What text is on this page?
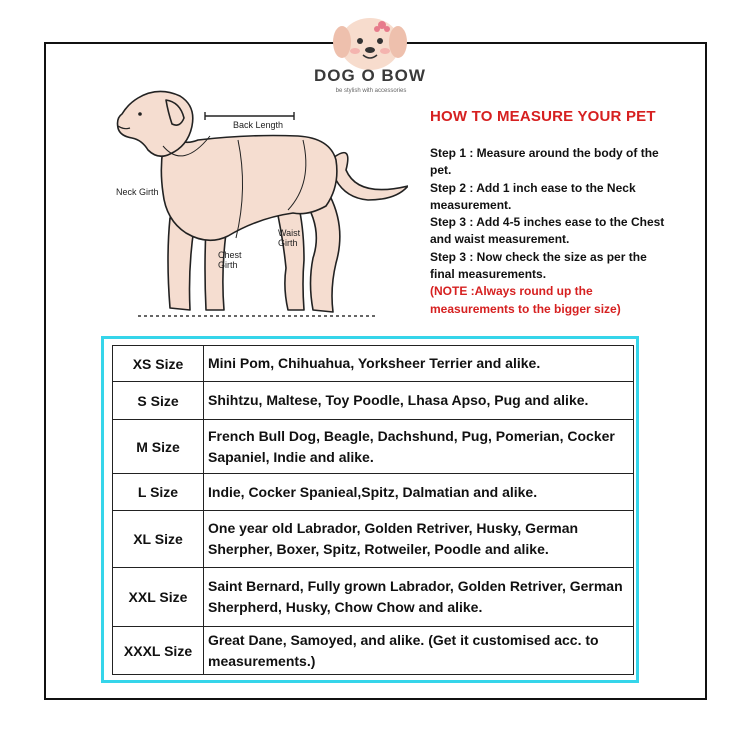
DOG O BOW
be stylish with accessories
Back Length
Neck Girth
Waist Girth
Chest Girth
HOW TO MEASURE YOUR PET

Step 1 : Measure around the body of the pet.

Step 2 : Add 1 inch ease to the Neck measurement.

Step 3 : Add 4-5 inches ease to the Chest and waist measurement.

Step 3 : Now check the size as per the final measurements.

(NOTE :Always round up the measurements to the bigger size)

XS Size	Mini Pom, Chihuahua, Yorksheer Terrier and alike.
S Size	Shihtzu, Maltese, Toy Poodle, Lhasa Apso, Pug and alike.
M Size	French Bull Dog, Beagle, Dachshund, Pug, Pomerian, Cocker Sapaniel, Indie and alike.
L Size	Indie, Cocker Spanieal,Spitz, Dalmatian and alike.
XL Size	One year old Labrador, Golden Retriver, Husky, German Sherpher, Boxer, Spitz, Rotweiler, Poodle and alike.
XXL Size	Saint Bernard, Fully grown Labrador, Golden Retriver, German Sherpherd, Husky, Chow Chow and alike.
XXXL Size	Great Dane, Samoyed, and alike. (Get it customised acc. to measurements.)
